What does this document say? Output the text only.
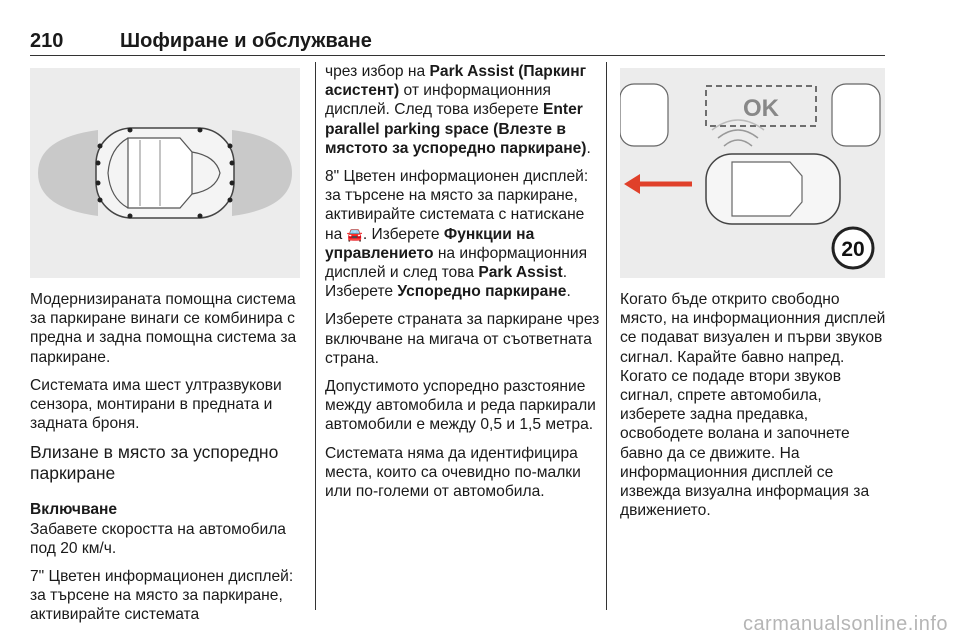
210	Шофиране и обслужване

Модернизираната помощна система за паркиране винаги се комбинира с предна и задна помощна система за паркиране.

Системата има шест ултразвукови сензора, монтирани в предната и задната броня.

Влизане в място за успоредно паркиране
Включване

Забавете скоростта на автомобила под 20 км/ч.

7" Цветен информационен дисплей: за търсене на място за паркиране, активирайте системата

чрез избор на Park Assist (Паркинг асистент) от информационния дисплей. След това изберете Enter parallel parking space (Влезте в мястото за успоредно паркиране).

8" Цветен информационен дисплей: за търсене на място за паркиране, активирайте системата с натискане на 🚘. Изберете Функции на управлението на информационния дисплей и след това Park Assist. Изберете Успоредно паркиране.

Изберете страната за паркиране чрез включване на мигача от съответната страна.

Допустимото успоредно разстояние между автомобила и реда паркирали автомобили е между 0,5 и 1,5 метра.

Системата няма да идентифицира места, които са очевидно по-малки или по-големи от автомобила.

OK
20

Когато бъде открито свободно място, на информационния дисплей се подават визуален и първи звуков сигнал. Карайте бавно напред. Когато се подаде втори звуков сигнал, спрете автомобила, изберете задна предавка, освободете волана и започнете бавно да се движите. На информационния дисплей се извежда визуална информация за движението.

carmanualsonline.info
